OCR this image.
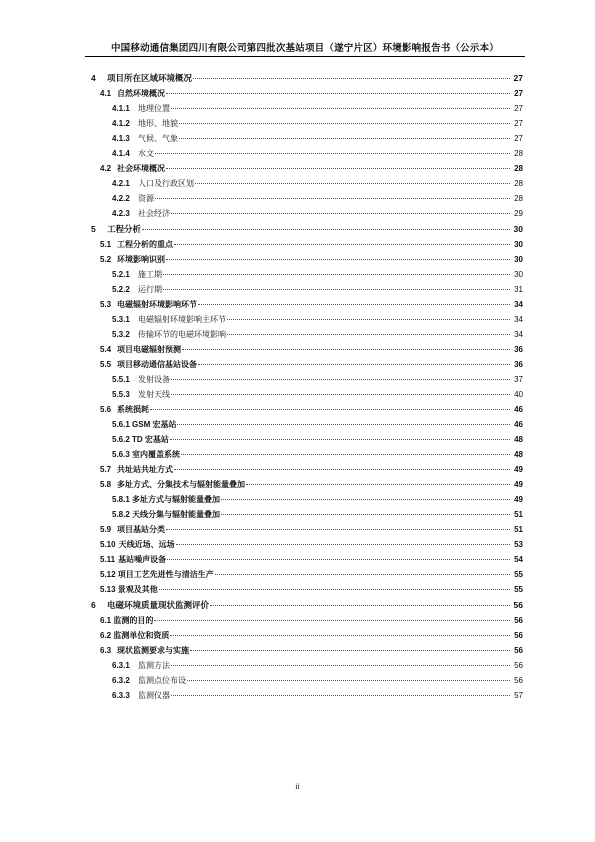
中国移动通信集团四川有限公司第四批次基站项目（遂宁片区）环境影响报告书（公示本）
4	项目所在区域环境概况	27
4.1 自然环境概况	27
4.1.1	地理位置	27
4.1.2	地形、地貌	27
4.1.3	气候、气象	27
4.1.4	水文	28
4.2 社会环境概况	28
4.2.1	人口及行政区划	28
4.2.2	资源	28
4.2.3	社会经济	29
5	工程分析	30
5.1 工程分析的重点	30
5.2 环境影响识别	30
5.2.1	施工期	30
5.2.2	运行期	31
5.3 电磁辐射环境影响环节	34
5.3.1	电磁辐射环境影响主环节	34
5.3.2	传输环节的电磁环境影响	34
5.4 项目电磁辐射预测	36
5.5 项目移动通信基站设备	36
5.5.1	发射设备	37
5.5.3	发射天线	40
5.6 系统损耗	46
5.6.1 GSM 宏基站	46
5.6.2 TD 宏基站	48
5.6.3 室内覆盖系统	48
5.7 共址站共址方式	49
5.8 多址方式、分集技术与辐射能量叠加	49
5.8.1 多址方式与辐射能量叠加	49
5.8.2 天线分集与辐射能量叠加	51
5.9 项目基站分类	51
5.10 天线近场、远场	53
5.11 基站噪声设备	54
5.12 项目工艺先进性与清洁生产	55
5.13 景观及其他	55
6	电磁环境质量现状监测评价	56
6.1 监测的目的	56
6.2 监测单位和资质	56
6.3 现状监测要求与实施	56
6.3.1	监测方法	56
6.3.2	监测点位布设	56
6.3.3	监测仪器	57
ii
